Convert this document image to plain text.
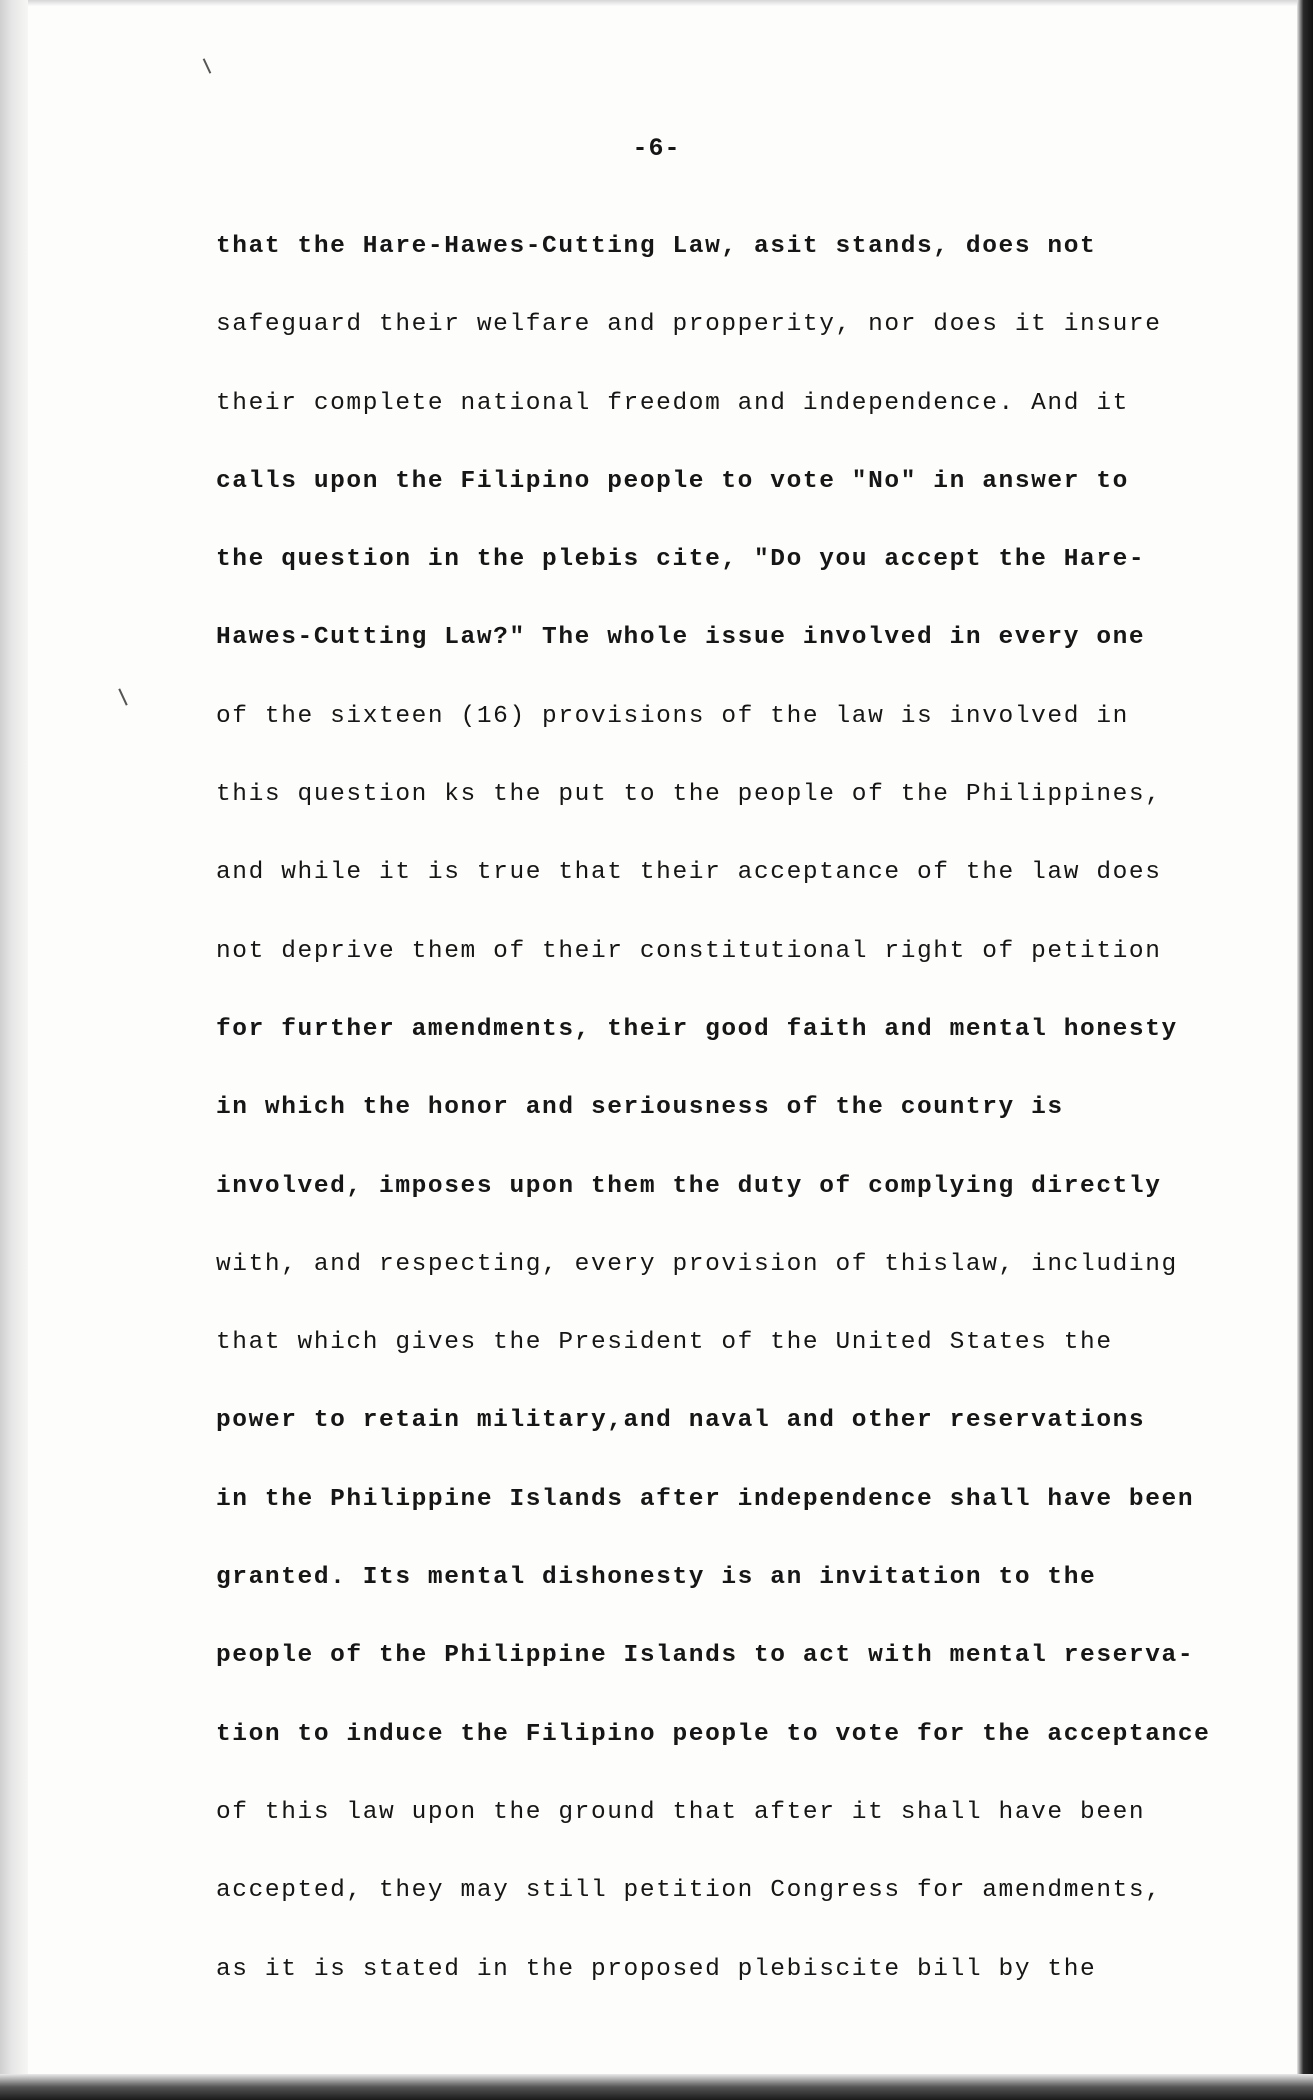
-6-
that the Hare-Hawes-Cutting Law, asit stands, does not
safeguard their welfare and propperity, nor does it insure
their complete national freedom and independence. And it
calls upon the Filipino people to vote "No" in answer to
the question in the plebis cite, "Do you accept the Hare-
Hawes-Cutting Law?" The whole issue involved in every one
of the sixteen (16) provisions of the law is involved in
this question ks the put to the people of the Philippines,
and while it is true that their acceptance of the law does
not deprive them of their constitutional right of petition
for further amendments, their good faith and mental honesty
in which the honor and seriousness of the country is
involved, imposes upon them the duty of complying directly
with, and respecting, every provision of thislaw, including
that which gives the President of the United States the
power to retain military,and naval and other reservations
in the Philippine Islands after independence shall have been
granted. Its mental dishonesty is an invitation to the
people of the Philippine Islands to act with mental reserva-
tion to induce the Filipino people to vote for the acceptance
of this law upon the ground that after it shall have been
accepted, they may still petition Congress for amendments,
as it is stated in the proposed plebiscite bill by the
